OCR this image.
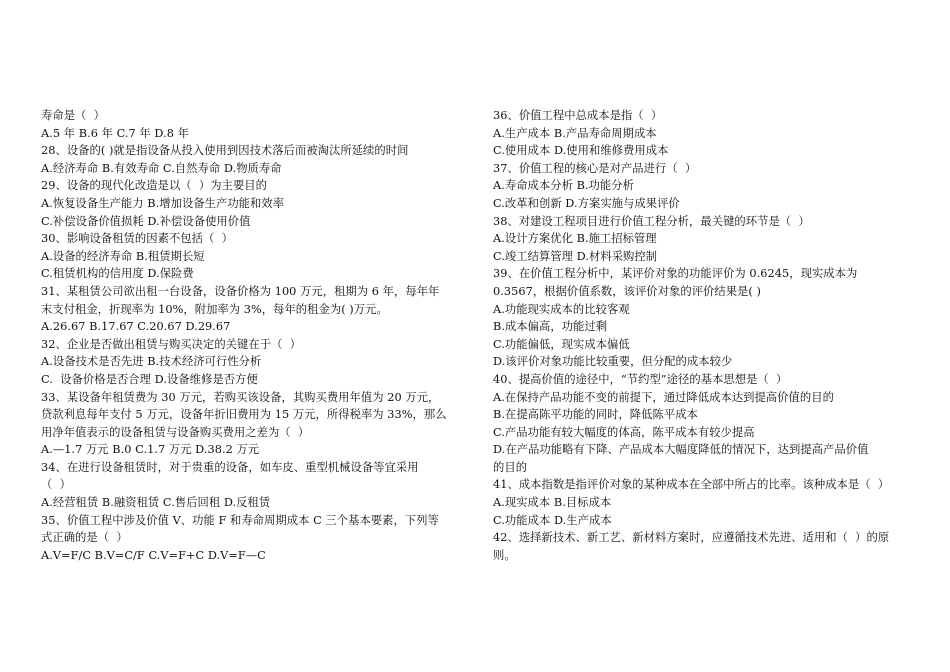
寿命是（  ）
A.5 年 B.6 年 C.7 年 D.8 年
28、设备的( )就是指设备从投入使用到因技术落后而被淘汰所延续的时间
A.经济寿命 B.有效寿命 C.自然寿命 D.物质寿命
29、设备的现代化改造是以（  ）为主要目的
A.恢复设备生产能力 B.增加设备生产功能和效率
C.补偿设备价值损耗 D.补偿设备使用价值
30、影响设备租赁的因素不包括（  ）
A.设备的经济寿命 B.租赁期长短
C.租赁机构的信用度 D.保险费
31、某租赁公司欲出租一台设备，设备价格为 100 万元，租期为 6 年，每年年
末支付租金，折现率为 10%，附加率为 3%，每年的租金为( )万元。
A.26.67 B.17.67 C.20.67 D.29.67
32、企业是否做出租赁与购买决定的关键在于（  ）
A.设备技术是否先进 B.技术经济可行性分析
C.  设备价格是否合理 D.设备维修是否方便
33、某设备年租赁费为 30 万元，若购买该设备，其购买费用年值为 20 万元，
贷款利息每年支付 5 万元，设备年折旧费用为 15 万元，所得税率为 33%，那么
用净年值表示的设备租赁与设备购买费用之差为（  ）
A.—1.7 万元 B.0 C.1.7 万元 D.38.2 万元
34、在进行设备租赁时，对于贵重的设备，如车皮、重型机械设备等宜采用
（  ）
A.经营租赁 B.融资租赁 C.售后回租 D.反租赁
35、价值工程中涉及价值 V、功能 F 和寿命周期成本 C 三个基本要素，下列等
式正确的是（  ）
A.V=F/C B.V=C/F C.V=F+C D.V=F—C
36、价值工程中总成本是指（  ）
A.生产成本 B.产品寿命周期成本
C.使用成本 D.使用和维修费用成本
37、价值工程的核心是对产品进行（  ）
A.寿命成本分析 B.功能分析
C.改革和创新 D.方案实施与成果评价
38、对建设工程项目进行价值工程分析，最关键的环节是（  ）
A.设计方案优化 B.施工招标管理
C.竣工结算管理 D.材料采购控制
39、在价值工程分析中，某评价对象的功能评价为 0.6245，现实成本为
0.3567，根据价值系数，该评价对象的评价结果是( )
A.功能现实成本的比较客观
B.成本偏高，功能过剩
C.功能偏低，现实成本偏低
D.该评价对象功能比较重要，但分配的成本较少
40、提高价值的途径中，“节约型”途径的基本思想是（  ）
A.在保持产品功能不变的前提下，通过降低成本达到提高价值的目的
B.在提高陈平功能的同时，降低陈平成本
C.产品功能有较大幅度的体高，陈平成本有较少提高
D.在产品功能略有下降、产品成本大幅度降低的情况下，达到提高产品价值
的目的
41、成本指数是指评价对象的某种成本在全部中所占的比率。该种成本是（  ）
A.现实成本 B.目标成本
C.功能成本 D.生产成本
42、选择新技术、新工艺、新材料方案时，应遵循技术先进、适用和（  ）的原
则。
